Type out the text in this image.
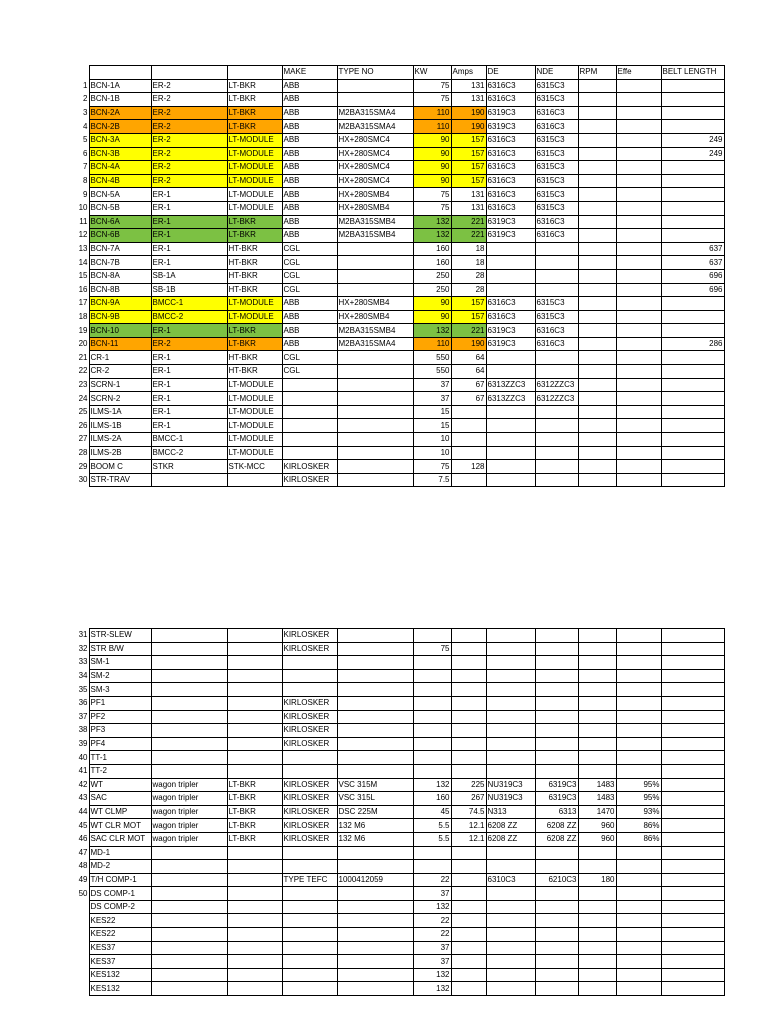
				MAKE	TYPE NO	KW	Amps	DE	NDE	RPM	Effe	BELT LENGTH
1	BCN-1A	ER-2	LT-BKR	ABB		75	131	6316C3	6315C3			
2	BCN-1B	ER-2	LT-BKR	ABB		75	131	6316C3	6315C3			
3	BCN-2A	ER-2	LT-BKR	ABB	M2BA315SMA4	110	190	6319C3	6316C3			
4	BCN-2B	ER-2	LT-BKR	ABB	M2BA315SMA4	110	190	6319C3	6316C3			
5	BCN-3A	ER-2	LT-MODULE	ABB	HX+280SMC4	90	157	6316C3	6315C3			249
6	BCN-3B	ER-2	LT-MODULE	ABB	HX+280SMC4	90	157	6316C3	6315C3			249
7	BCN-4A	ER-2	LT-MODULE	ABB	HX+280SMC4	90	157	6316C3	6315C3			
8	BCN-4B	ER-2	LT-MODULE	ABB	HX+280SMC4	90	157	6316C3	6315C3			
9	BCN-5A	ER-1	LT-MODULE	ABB	HX+280SMB4	75	131	6316C3	6315C3			
10	BCN-5B	ER-1	LT-MODULE	ABB	HX+280SMB4	75	131	6316C3	6315C3			
11	BCN-6A	ER-1	LT-BKR	ABB	M2BA315SMB4	132	221	6319C3	6316C3			
12	BCN-6B	ER-1	LT-BKR	ABB	M2BA315SMB4	132	221	6319C3	6316C3			
13	BCN-7A	ER-1	HT-BKR	CGL		160	18					637
14	BCN-7B	ER-1	HT-BKR	CGL		160	18					637
15	BCN-8A	SB-1A	HT-BKR	CGL		250	28					696
16	BCN-8B	SB-1B	HT-BKR	CGL		250	28					696
17	BCN-9A	BMCC-1	LT-MODULE	ABB	HX+280SMB4	90	157	6316C3	6315C3			
18	BCN-9B	BMCC-2	LT-MODULE	ABB	HX+280SMB4	90	157	6316C3	6315C3			
19	BCN-10	ER-1	LT-BKR	ABB	M2BA315SMB4	132	221	6319C3	6316C3			
20	BCN-11	ER-2	LT-BKR	ABB	M2BA315SMA4	110	190	6319C3	6316C3			286
21	CR-1	ER-1	HT-BKR	CGL		550	64					
22	CR-2	ER-1	HT-BKR	CGL		550	64					
23	SCRN-1	ER-1	LT-MODULE			37	67	6313ZZC3	6312ZZC3			
24	SCRN-2	ER-1	LT-MODULE			37	67	6313ZZC3	6312ZZC3			
25	ILMS-1A	ER-1	LT-MODULE			15						
26	ILMS-1B	ER-1	LT-MODULE			15						
27	ILMS-2A	BMCC-1	LT-MODULE			10						
28	ILMS-2B	BMCC-2	LT-MODULE			10						
29	BOOM C	STKR	STK-MCC	KIRLOSKER		75	128					
30	STR-TRAV			KIRLOSKER		7.5						
31	STR-SLEW			KIRLOSKER								
32	STR B/W			KIRLOSKER		75						
33	SM-1											
34	SM-2											
35	SM-3											
36	PF1			KIRLOSKER								
37	PF2			KIRLOSKER								
38	PF3			KIRLOSKER								
39	PF4			KIRLOSKER								
40	TT-1											
41	TT-2											
42	WT	wagon tripler	LT-BKR	KIRLOSKER	VSC 315M	132	225	NU319C3	6319C3	1483	95%	
43	SAC	wagon tripler	LT-BKR	KIRLOSKER	VSC 315L	160	267	NU319C3	6319C3	1483	95%	
44	WT CLMP	wagon tripler	LT-BKR	KIRLOSKER	DSC 225M	45	74.5	N313	6313	1470	93%	
45	WT CLR MOT	wagon tripler	LT-BKR	KIRLOSKER	132 M6	5.5	12.1	6208 ZZ	6208 ZZ	960	86%	
46	SAC CLR MOT	wagon tripler	LT-BKR	KIRLOSKER	132 M6	5.5	12.1	6208 ZZ	6208 ZZ	960	86%	
47	MD-1											
48	MD-2											
49	T/H COMP-1			TYPE TEFC	1000412059	22		6310C3	6210C3	180		
50	DS COMP-1					37						
	DS COMP-2					132						
	KES22					22						
	KES22					22						
	KES37					37						
	KES37					37						
	KES132					132						
	KES132					132						
